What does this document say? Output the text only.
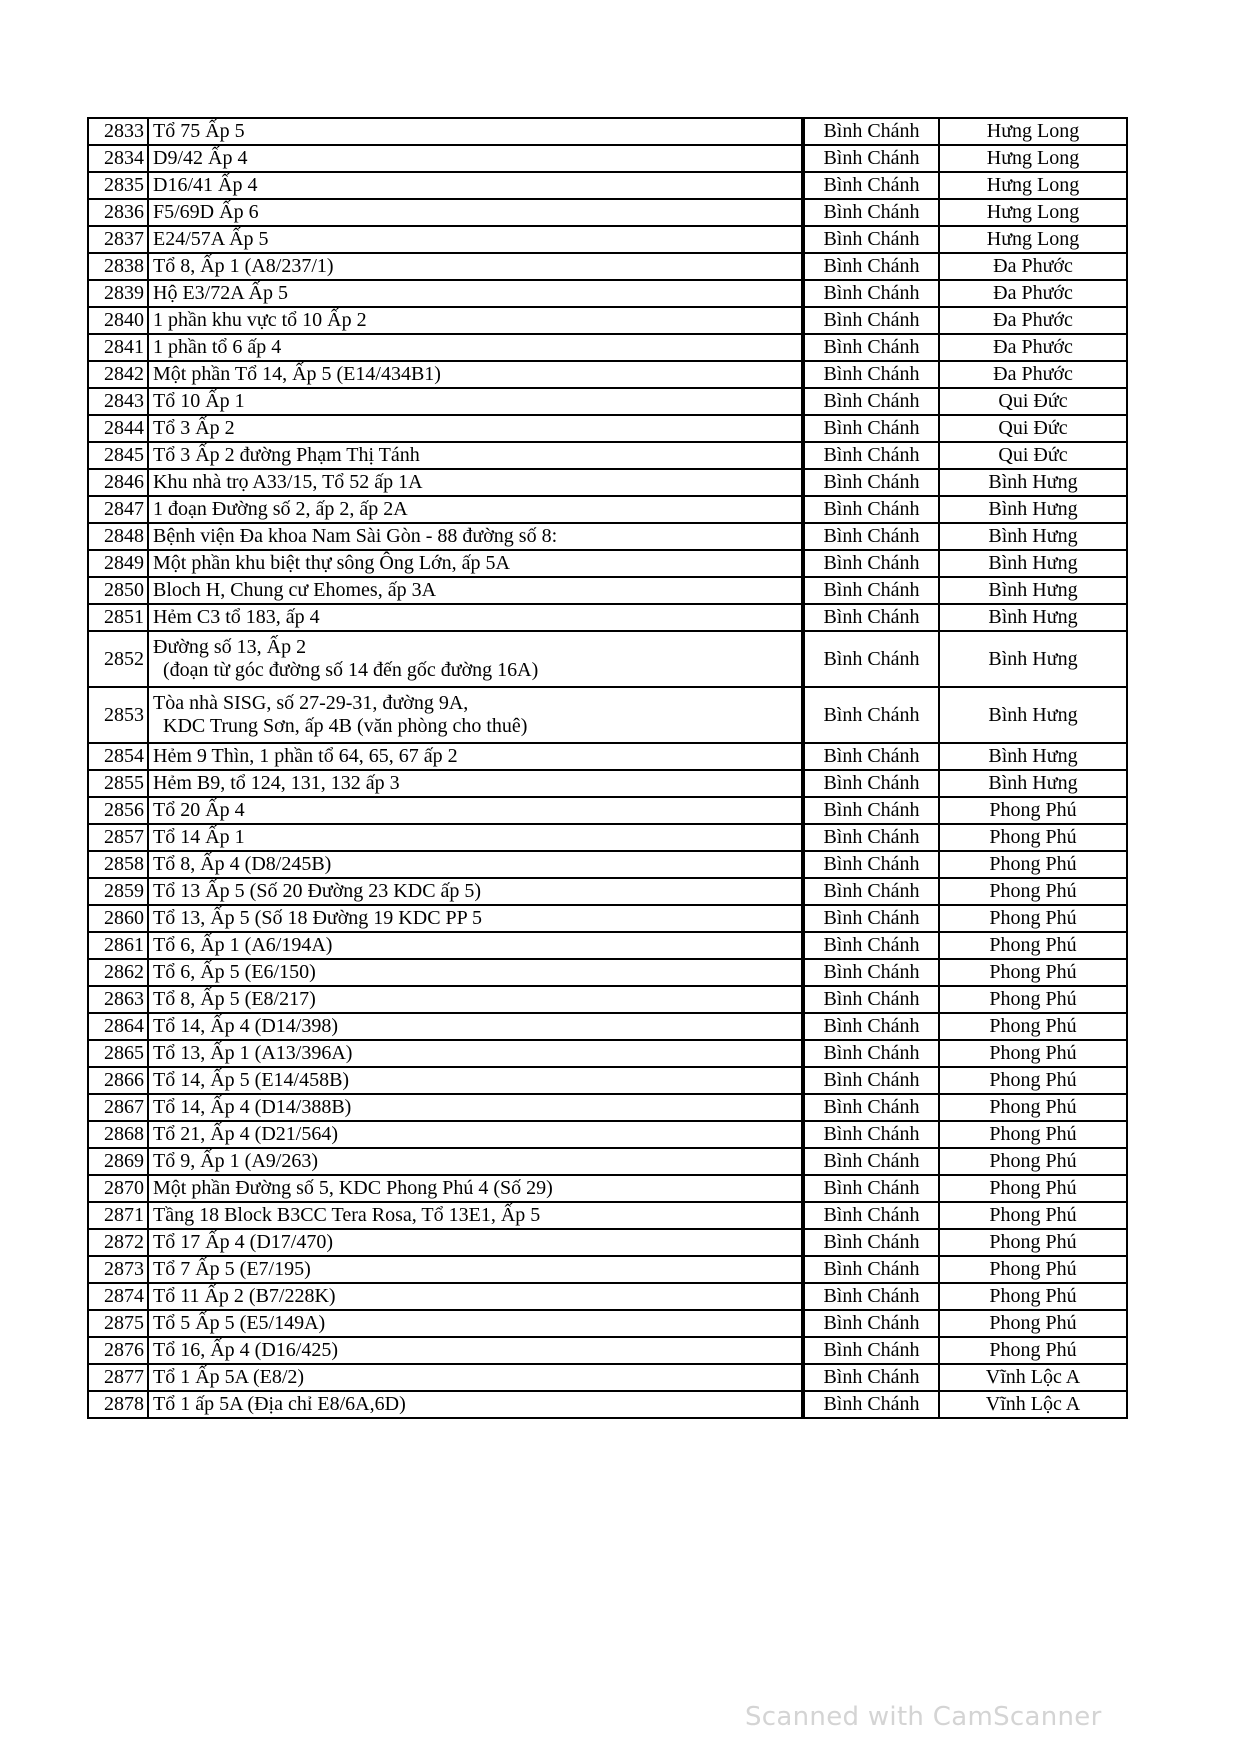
2833	Tổ 75 Ấp 5		Bình Chánh	Hưng Long
2834	D9/42 Ấp 4		Bình Chánh	Hưng Long
2835	D16/41 Ấp 4		Bình Chánh	Hưng Long
2836	F5/69D Ấp 6		Bình Chánh	Hưng Long
2837	E24/57A Ấp 5		Bình Chánh	Hưng Long
2838	Tổ 8, Ấp 1 (A8/237/1)		Bình Chánh	Đa Phước
2839	Hộ E3/72A Ấp 5		Bình Chánh	Đa Phước
2840	1 phần khu vực tổ 10 Ấp 2		Bình Chánh	Đa Phước
2841	1 phần tổ 6 ấp 4		Bình Chánh	Đa Phước
2842	Một phần Tổ 14, Ấp 5 (E14/434B1)		Bình Chánh	Đa Phước
2843	Tổ 10 Ấp 1		Bình Chánh	Qui Đức
2844	Tổ 3 Ấp 2		Bình Chánh	Qui Đức
2845	Tổ 3 Ấp 2 đường Phạm Thị Tánh		Bình Chánh	Qui Đức
2846	Khu nhà trọ A33/15, Tổ 52 ấp 1A		Bình Chánh	Bình Hưng
2847	1 đoạn Đường số 2, ấp 2, ấp 2A		Bình Chánh	Bình Hưng
2848	Bệnh viện Đa khoa Nam Sài Gòn - 88 đường số 8:		Bình Chánh	Bình Hưng
2849	Một phần khu biệt thự sông Ông Lớn, ấp 5A		Bình Chánh	Bình Hưng
2850	Bloch H, Chung cư Ehomes, ấp 3A		Bình Chánh	Bình Hưng
2851	Hẻm C3 tổ 183, ấp 4		Bình Chánh	Bình Hưng
2852	Đường số 13, Ấp 2
(đoạn từ góc đường số 14 đến gốc đường 16A)		Bình Chánh	Bình Hưng
2853	Tòa nhà SISG, số 27-29-31, đường 9A,
KDC Trung Sơn, ấp 4B (văn phòng cho thuê)		Bình Chánh	Bình Hưng
2854	Hẻm 9 Thìn, 1 phần tổ 64, 65, 67 ấp 2		Bình Chánh	Bình Hưng
2855	Hẻm B9, tổ 124, 131, 132 ấp 3		Bình Chánh	Bình Hưng
2856	Tổ 20 Ấp 4		Bình Chánh	Phong Phú
2857	Tổ 14 Ấp 1		Bình Chánh	Phong Phú
2858	Tổ 8, Ấp 4 (D8/245B)		Bình Chánh	Phong Phú
2859	Tổ 13 Ấp 5 (Số 20 Đường 23 KDC ấp 5)		Bình Chánh	Phong Phú
2860	Tổ 13, Ấp 5 (Số 18 Đường 19 KDC PP 5		Bình Chánh	Phong Phú
2861	Tổ 6, Ấp 1 (A6/194A)		Bình Chánh	Phong Phú
2862	Tổ 6, Ấp 5 (E6/150)		Bình Chánh	Phong Phú
2863	Tổ 8, Ấp 5 (E8/217)		Bình Chánh	Phong Phú
2864	Tổ 14, Ấp 4 (D14/398)		Bình Chánh	Phong Phú
2865	Tổ 13, Ấp 1 (A13/396A)		Bình Chánh	Phong Phú
2866	Tổ 14, Ấp 5 (E14/458B)		Bình Chánh	Phong Phú
2867	Tổ 14, Ấp 4 (D14/388B)		Bình Chánh	Phong Phú
2868	Tổ 21, Ấp 4 (D21/564)		Bình Chánh	Phong Phú
2869	Tổ 9, Ấp 1 (A9/263)		Bình Chánh	Phong Phú
2870	Một phần Đường số 5, KDC Phong Phú 4 (Số 29)		Bình Chánh	Phong Phú
2871	Tầng 18 Block B3CC Tera Rosa, Tổ 13E1, Ấp 5		Bình Chánh	Phong Phú
2872	Tổ 17 Ấp 4 (D17/470)		Bình Chánh	Phong Phú
2873	Tổ 7 Ấp 5 (E7/195)		Bình Chánh	Phong Phú
2874	Tổ 11 Ấp 2 (B7/228K)		Bình Chánh	Phong Phú
2875	Tổ 5 Ấp 5 (E5/149A)		Bình Chánh	Phong Phú
2876	Tổ 16, Ấp 4 (D16/425)		Bình Chánh	Phong Phú
2877	Tổ 1 Ấp 5A (E8/2)		Bình Chánh	Vĩnh Lộc A
2878	Tổ 1 ấp 5A (Địa chỉ E8/6A,6D)		Bình Chánh	Vĩnh Lộc A
Scanned with CamScanner
